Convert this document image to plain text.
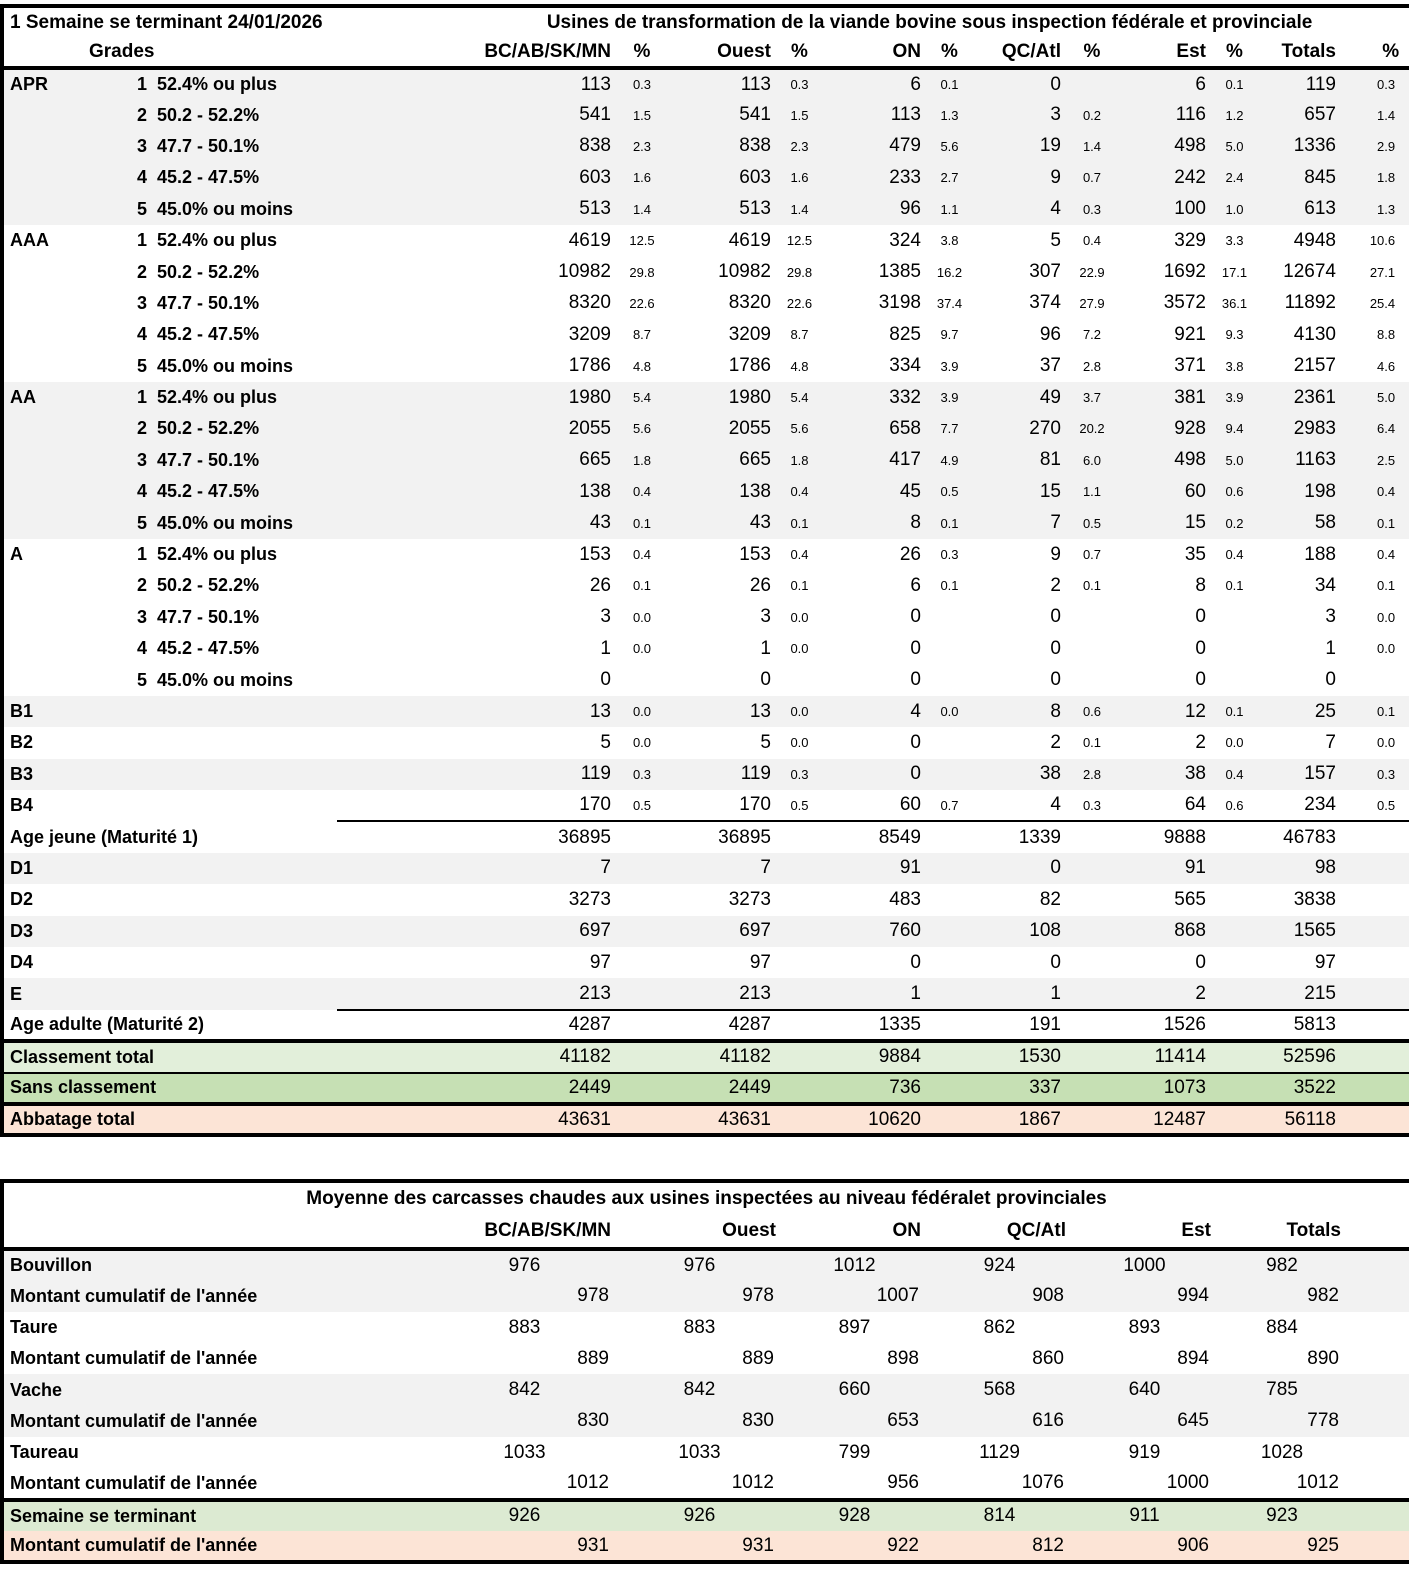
1 Semaine se terminant 24/01/2026 Usines de transformation de la viande bovine sous inspection fédérale et provinciale													

Grades		BC/AB/SK/MN	%	Ouest	%	ON	%	QC/Atl	%	Est	%	Totals	%
APR	1  52.4% ou plus	113	0.3	113	0.3	6	0.1	0		6	0.1	119	0.3
	2  50.2 - 52.2%	541	1.5	541	1.5	113	1.3	3	0.2	116	1.2	657	1.4
	3  47.7 - 50.1%	838	2.3	838	2.3	479	5.6	19	1.4	498	5.0	1336	2.9
	4  45.2 - 47.5%	603	1.6	603	1.6	233	2.7	9	0.7	242	2.4	845	1.8
	5  45.0% ou moins	513	1.4	513	1.4	96	1.1	4	0.3	100	1.0	613	1.3
AAA	1  52.4% ou plus	4619	12.5	4619	12.5	324	3.8	5	0.4	329	3.3	4948	10.6
	2  50.2 - 52.2%	10982	29.8	10982	29.8	1385	16.2	307	22.9	1692	17.1	12674	27.1
	3  47.7 - 50.1%	8320	22.6	8320	22.6	3198	37.4	374	27.9	3572	36.1	11892	25.4
	4  45.2 - 47.5%	3209	8.7	3209	8.7	825	9.7	96	7.2	921	9.3	4130	8.8
	5  45.0% ou moins	1786	4.8	1786	4.8	334	3.9	37	2.8	371	3.8	2157	4.6
AA	1  52.4% ou plus	1980	5.4	1980	5.4	332	3.9	49	3.7	381	3.9	2361	5.0
	2  50.2 - 52.2%	2055	5.6	2055	5.6	658	7.7	270	20.2	928	9.4	2983	6.4
	3  47.7 - 50.1%	665	1.8	665	1.8	417	4.9	81	6.0	498	5.0	1163	2.5
	4  45.2 - 47.5%	138	0.4	138	0.4	45	0.5	15	1.1	60	0.6	198	0.4
	5  45.0% ou moins	43	0.1	43	0.1	8	0.1	7	0.5	15	0.2	58	0.1
A	1  52.4% ou plus	153	0.4	153	0.4	26	0.3	9	0.7	35	0.4	188	0.4
	2  50.2 - 52.2%	26	0.1	26	0.1	6	0.1	2	0.1	8	0.1	34	0.1
	3  47.7 - 50.1%	3	0.0	3	0.0	0		0		0		3	0.0
	4  45.2 - 47.5%	1	0.0	1	0.0	0		0		0		1	0.0
	5  45.0% ou moins	0		0		0		0		0		0	
B1		13	0.0	13	0.0	4	0.0	8	0.6	12	0.1	25	0.1
B2		5	0.0	5	0.0	0		2	0.1	2	0.0	7	0.0
B3		119	0.3	119	0.3	0		38	2.8	38	0.4	157	0.3
B4		170	0.5	170	0.5	60	0.7	4	0.3	64	0.6	234	0.5
Age jeune (Maturité 1)		36895		36895		8549		1339		9888		46783	
D1		7		7		91		0		91		98	
D2		3273		3273		483		82		565		3838	
D3		697		697		760		108		868		1565	
D4		97		97		0		0		0		97	
E		213		213		1		1		2		215	
Age adulte (Maturité 2)		4287		4287		1335		191		1526		5813	
Classement total		41182		41182		9884		1530		11414		52596	
Sans classement		2449		2449		736		337		1073		3522	
Abbatage total		43631		43631		10620		1867		12487		56118	
Moyenne des carcasses chaudes aux usines inspectées au niveau fédéralet provinciales							
	BC/AB/SK/MN	Ouest	ON	QC/Atl	Est	Totals	
Bouvillon	976	976	1012	924	1000	982	
Montant cumulatif de l'année	978	978	1007	908	994	982	
Taure	883	883	897	862	893	884	
Montant cumulatif de l'année	889	889	898	860	894	890	
Vache	842	842	660	568	640	785	
Montant cumulatif de l'année	830	830	653	616	645	778	
Taureau	1033	1033	799	1129	919	1028	
Montant cumulatif de l'année	1012	1012	956	1076	1000	1012	
Semaine se terminant	926	926	928	814	911	923	
Montant cumulatif de l'année	931	931	922	812	906	925	
